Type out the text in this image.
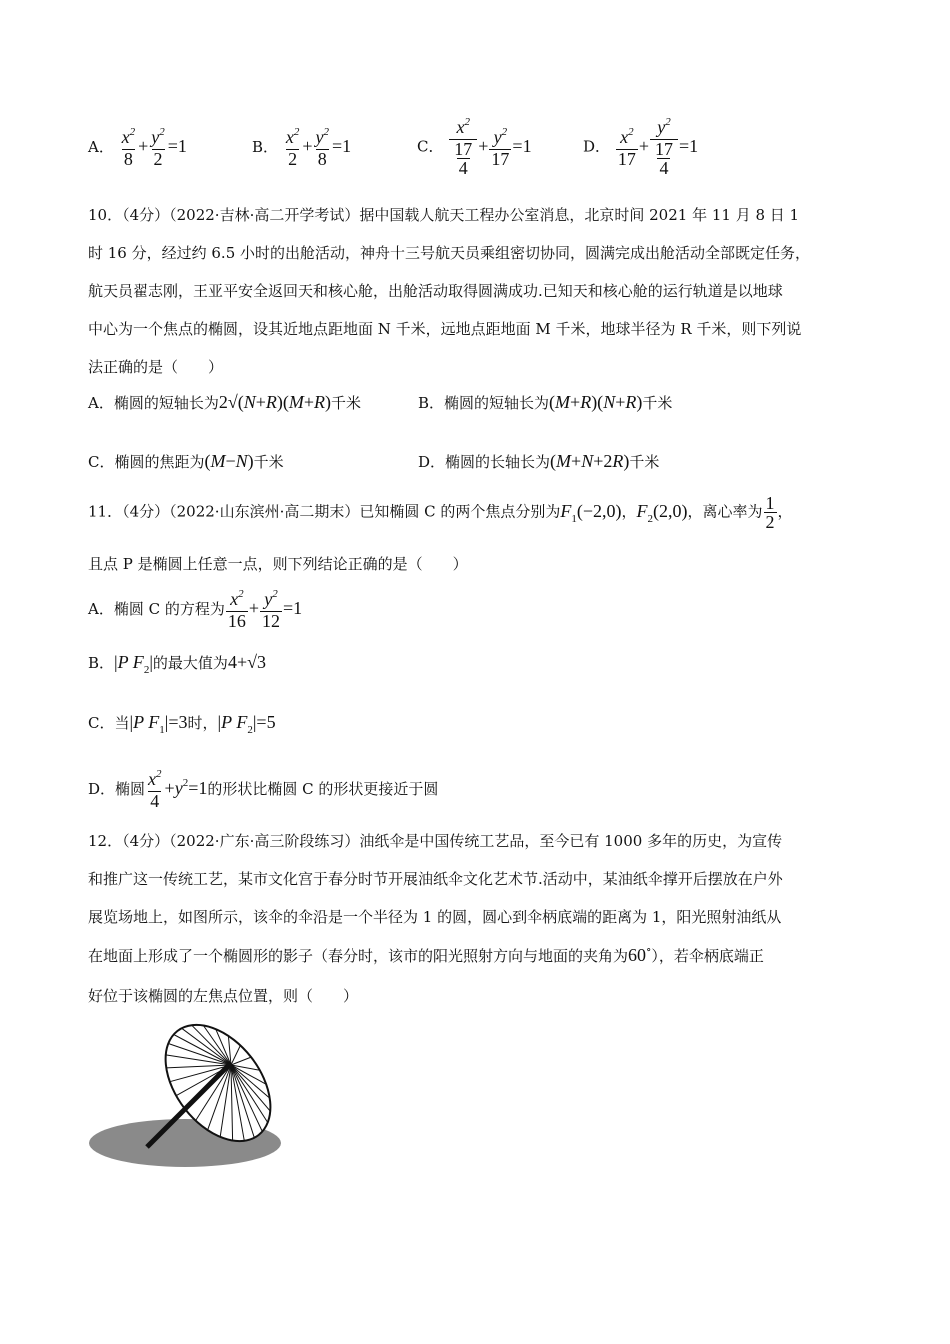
A． $\frac{x^2}{8} + \frac{y^2}{2} =1$	B． $\frac{x^2}{2} + \frac{y^2}{8} =1$	C． $\frac{x^2}{\frac{17}{4}} + \frac{y^2}{17} =1$	D． $\frac{x^2}{17} + \frac{y^2}{\frac{17}{4}} =1$
10．（4分）（2022·吉林·高二开学考试）据中国载人航天工程办公室消息，北京时间 2021 年 11 月 8 日 1
时 16 分，经过约 6.5 小时的出舱活动，神舟十三号航天员乘组密切协同，圆满完成出舱活动全部既定任务，
航天员翟志刚，王亚平安全返回天和核心舱，出舱活动取得圆满成功.已知天和核心舱的运行轨道是以地球
中心为一个焦点的椭圆，设其近地点距地面 N 千米，远地点距地面 M 千米，地球半径为 R 千米，则下列说
法正确的是（　　）
A．椭圆的短轴长为2√(N+R)(M+R)千米	B．椭圆的短轴长为(M+R)(N+R)千米
C．椭圆的焦距为(M−N)千米	D．椭圆的长轴长为(M+N+2R)千米
11．（4分）（2022·山东滨州·高二期末）已知椭圆 C 的两个焦点分别为$F_1(-2,0)$，$F_2(2,0)$，离心率为 $\frac{1}{2}$ ，
且点 P 是椭圆上任意一点，则下列结论正确的是（　　）
A．椭圆 C 的方程为 $\frac{x^2}{16} + \frac{y^2}{12} =1$
B．|P $F_2|$的最大值为4+√3
C．当|P $F_1|=3$时，|P $F_2|=5$
D．椭圆 $\frac{x^2}{4} +y^2=1$的形状比椭圆 C 的形状更接近于圆
12．（4分）（2022·广东·高三阶段练习）油纸伞是中国传统工艺品，至今已有 1000 多年的历史，为宣传
和推广这一传统工艺，某市文化宫于春分时节开展油纸伞文化艺术节.活动中，某油纸伞撑开后摆放在户外
展览场地上，如图所示，该伞的伞沿是一个半径为 1 的圆，圆心到伞柄底端的距离为 1，阳光照射油纸从
在地面上形成了一个椭圆形的影子（春分时，该市的阳光照射方向与地面的夹角为60∘），若伞柄底端正
好位于该椭圆的左焦点位置，则（　　）
